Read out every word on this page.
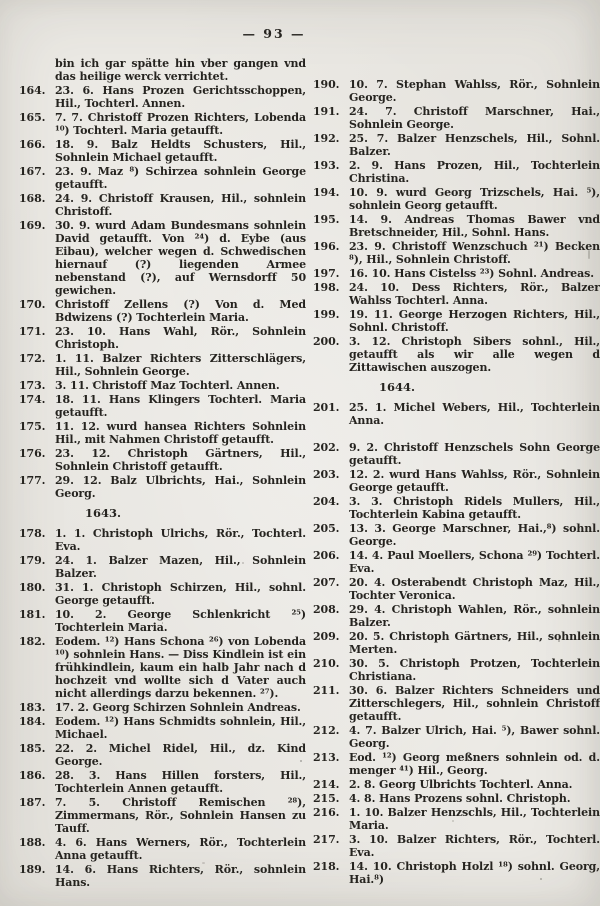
— 93 —
bin ich gar spätte hin vber gangen vnd das heilige werck verrichtet.
164. 23. 6. Hans Prozen Gerichtsschoppen, Hil., Tochterl. Annen.
165. 7. 7. Christoff Prozen Richters, Lobenda ¹⁰) Tochterl. Maria getaufft.
166. 18. 9. Balz Heldts Schusters, Hil., Sohnlein Michael getaufft.
167. 23. 9. Maz ⁸) Schirzea sohnlein George getaufft.
168. 24. 9. Christoff Krausen, Hil., sohnlein Christoff.
169. 30. 9. wurd Adam Bundesmans sohnlein David getaufft. Von ²⁴) d. Eybe (aus Eibau), welcher wegen d. Schwedischen hiernauf (?) liegenden Armee nebenstand (?), auf Wernsdorff 50 gewichen.
170. Christoff Zellens (?) Von d. Med Bdwizens (?) Tochterlein Maria.
171. 23. 10. Hans Wahl, Rör., Sohnlein Christoph.
172. 1. 11. Balzer Richters Zitterschlägers, Hil., Sohnlein George.
173. 3. 11. Christoff Maz Tochterl. Annen.
174. 18. 11. Hans Klingers Tochterl. Maria getaufft.
175. 11. 12. wurd hansea Richters Sohnlein Hil., mit Nahmen Christoff getaufft.
176. 23. 12. Christoph Gärtners, Hil., Sohnlein Christoff getaufft.
177. 29. 12. Balz Ulbrichts, Hai., Sohnlein Georg.
1643.
178. 1. 1. Christoph Ulrichs, Rör., Tochterl. Eva.
179. 24. 1. Balzer Mazen, Hil., Sohnlein Balzer.
180. 31. 1. Christoph Schirzen, Hil., sohnl. George getaufft.
181. 10. 2. George Schlenkricht ²⁵) Tochterlein Maria.
182. Eodem. ¹²) Hans Schona ²⁶) von Lobenda ¹⁰) sohnlein Hans. — Diss Kindlein ist ein frühkindlein, kaum ein halb Jahr nach d hochzeit vnd wollte sich d Vater auch nicht allerdings darzu bekennen. ²⁷).
183. 17. 2. Georg Schirzen Sohnlein Andreas.
184. Eodem. ¹²) Hans Schmidts sohnlein, Hil., Michael.
185. 22. 2. Michel Ridel, Hil., dz. Kind George.
186. 28. 3. Hans Hillen forsters, Hil., Tochterlein Annen getaufft.
187. 7. 5. Christoff Remischen ²⁸), Zimmermans, Rör., Sohnlein Hansen zu Tauff.
188. 4. 6. Hans Werners, Rör., Tochterlein Anna getaufft.
189. 14. 6. Hans Richters, Rör., sohnlein Hans.
190. 10. 7. Stephan Wahlss, Rör., Sohnlein George.
191. 24. 7. Christoff Marschner, Hai., Sohnlein George.
192. 25. 7. Balzer Henzschels, Hil., Sohnl. Balzer.
193. 2. 9. Hans Prozen, Hil., Tochterlein Christina.
194. 10. 9. wurd Georg Trizschels, Hai. ⁵), sohnlein Georg getaufft.
195. 14. 9. Andreas Thomas Bawer vnd Bretschneider, Hil., Sohnl. Hans.
196. 23. 9. Christoff Wenzschuch ²¹) Becken ⁸), Hil., Sohnlein Christoff.
197. 16. 10. Hans Cistelss ²³) Sohnl. Andreas.
198. 24. 10. Dess Richters, Rör., Balzer Wahlss Tochterl. Anna.
199. 19. 11. George Herzogen Richters, Hil., Sohnl. Christoff.
200. 3. 12. Christoph Sibers sohnl., Hil., getaufft als wir alle wegen d Zittawischen auszogen.
1644.
201. 25. 1. Michel Webers, Hil., Tochterlein Anna.
202. 9. 2. Christoff Henzschels Sohn George getaufft.
203. 12. 2. wurd Hans Wahlss, Rör., Sohnlein George getaufft.
204. 3. 3. Christoph Ridels Mullers, Hil., Tochterlein Kabina getaufft.
205. 13. 3. George Marschner, Hai.,⁸) sohnl. George.
206. 14. 4. Paul Moellers, Schona ²⁹) Tochterl. Eva.
207. 20. 4. Osterabendt Christoph Maz, Hil., Tochter Veronica.
208. 29. 4. Christoph Wahlen, Rör., sohnlein Balzer.
209. 20. 5. Christoph Gärtners, Hil., sohnlein Merten.
210. 30. 5. Christoph Protzen, Tochterlein Christiana.
211. 30. 6. Balzer Richters Schneiders und Zitterschlegers, Hil., sohnlein Christoff getaufft.
212. 4. 7. Balzer Ulrich, Hai. ⁵), Bawer sohnl. Georg.
213. Eod. ¹²) Georg meßners sohnlein od. d. menger ⁴¹) Hil., Georg.
214. 2. 8. Georg Ulbrichts Tochterl. Anna.
215. 4. 8. Hans Prozens sohnl. Christoph.
216. 1. 10. Balzer Henzschls, Hil., Tochterlein Maria.
217. 3. 10. Balzer Richters, Rör., Tochterl. Eva.
218. 14. 10. Christoph Holzl ¹⁸) sohnl. Georg, Hai.⁸)
